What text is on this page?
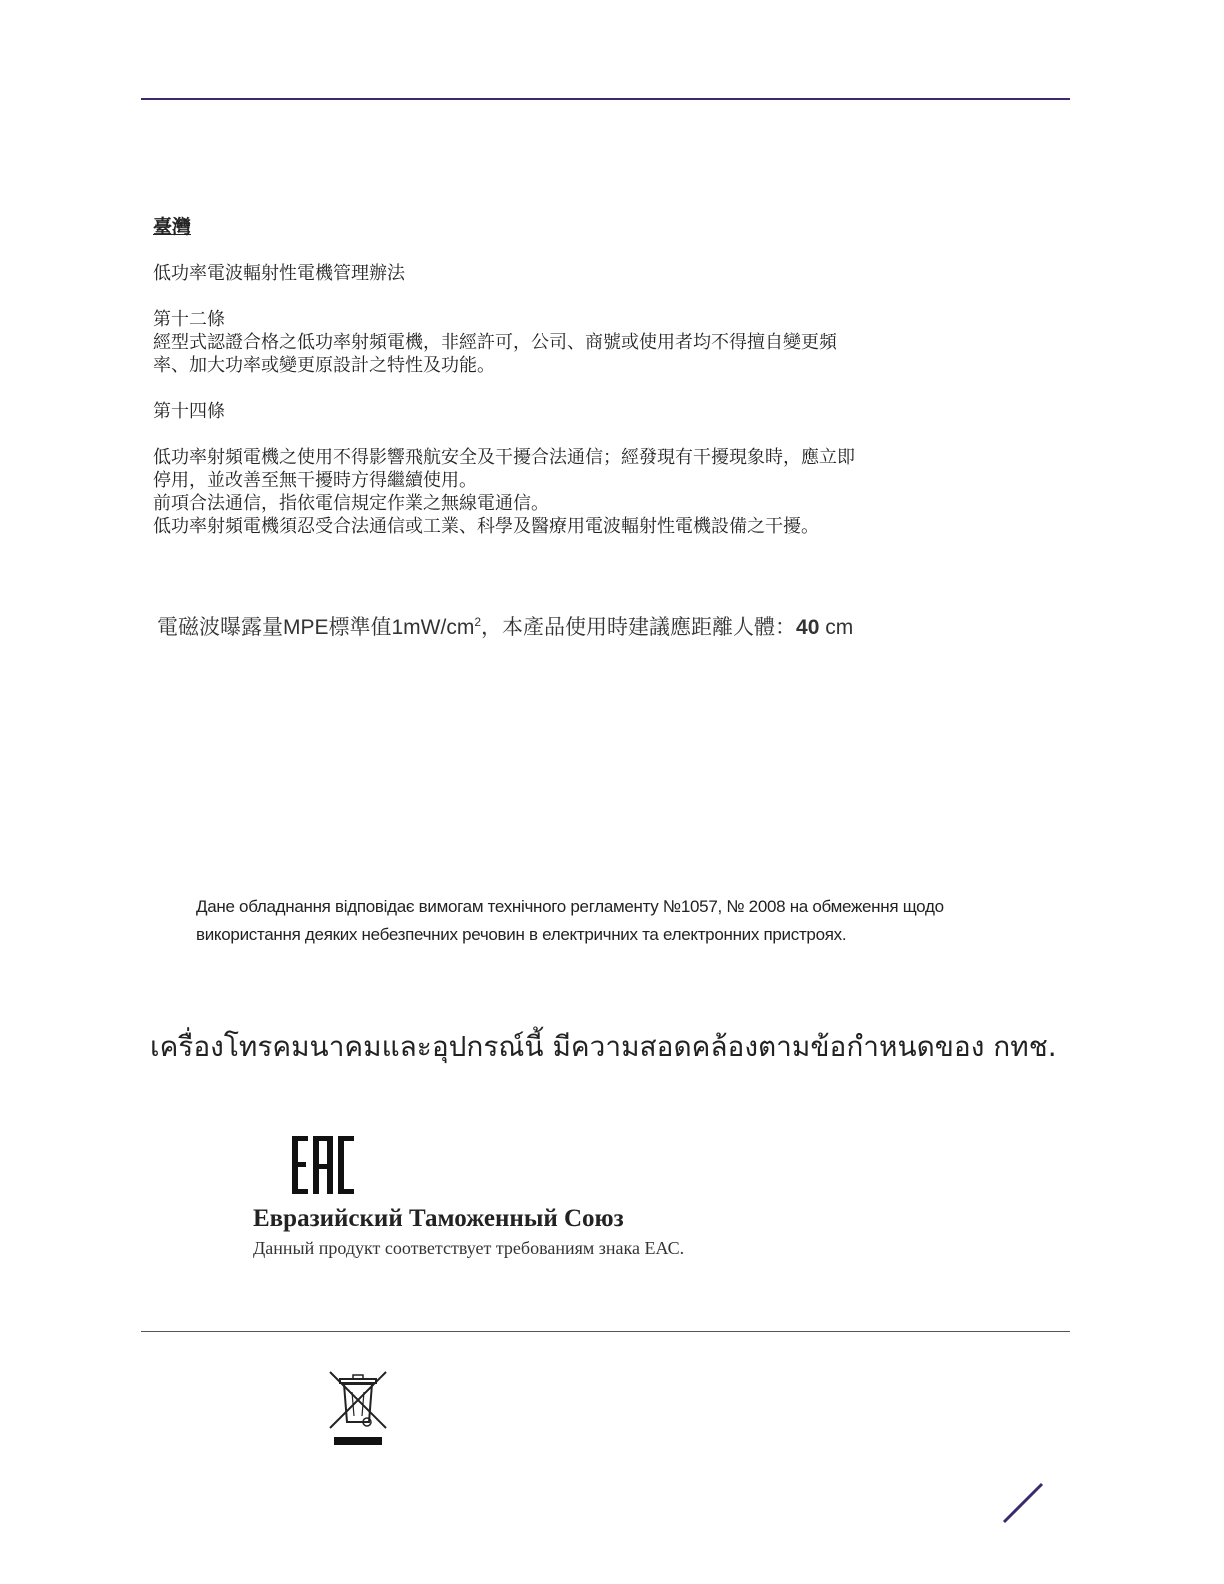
臺灣
低功率電波輻射性電機管理辦法
第十二條
經型式認證合格之低功率射頻電機，非經許可，公司、商號或使用者均不得擅自變更頻
率、加大功率或變更原設計之特性及功能。
第十四條
低功率射頻電機之使用不得影響飛航安全及干擾合法通信；經發現有干擾現象時，應立即
停用，並改善至無干擾時方得繼續使用。
前項合法通信，指依電信規定作業之無線電通信。
低功率射頻電機須忍受合法通信或工業、科學及醫療用電波輻射性電機設備之干擾。
電磁波曝露量MPE標準值$1mW/cm^2$，本產品使用時建議應距離人體：40 cm
Дане обладнання відповідає вимогам технічного регламенту №1057, № 2008 на обмеження щодо
використання деяких небезпечних речовин в електричних та електронних пристроях.
เครื่องโทรคมนาคมและอุปกรณ์นี้ มีความสอดคล้องตามข้อกำหนดของ กทช.
Евразийский Таможенный Союз
Данный продукт соответствует требованиям знака ЕАС.
